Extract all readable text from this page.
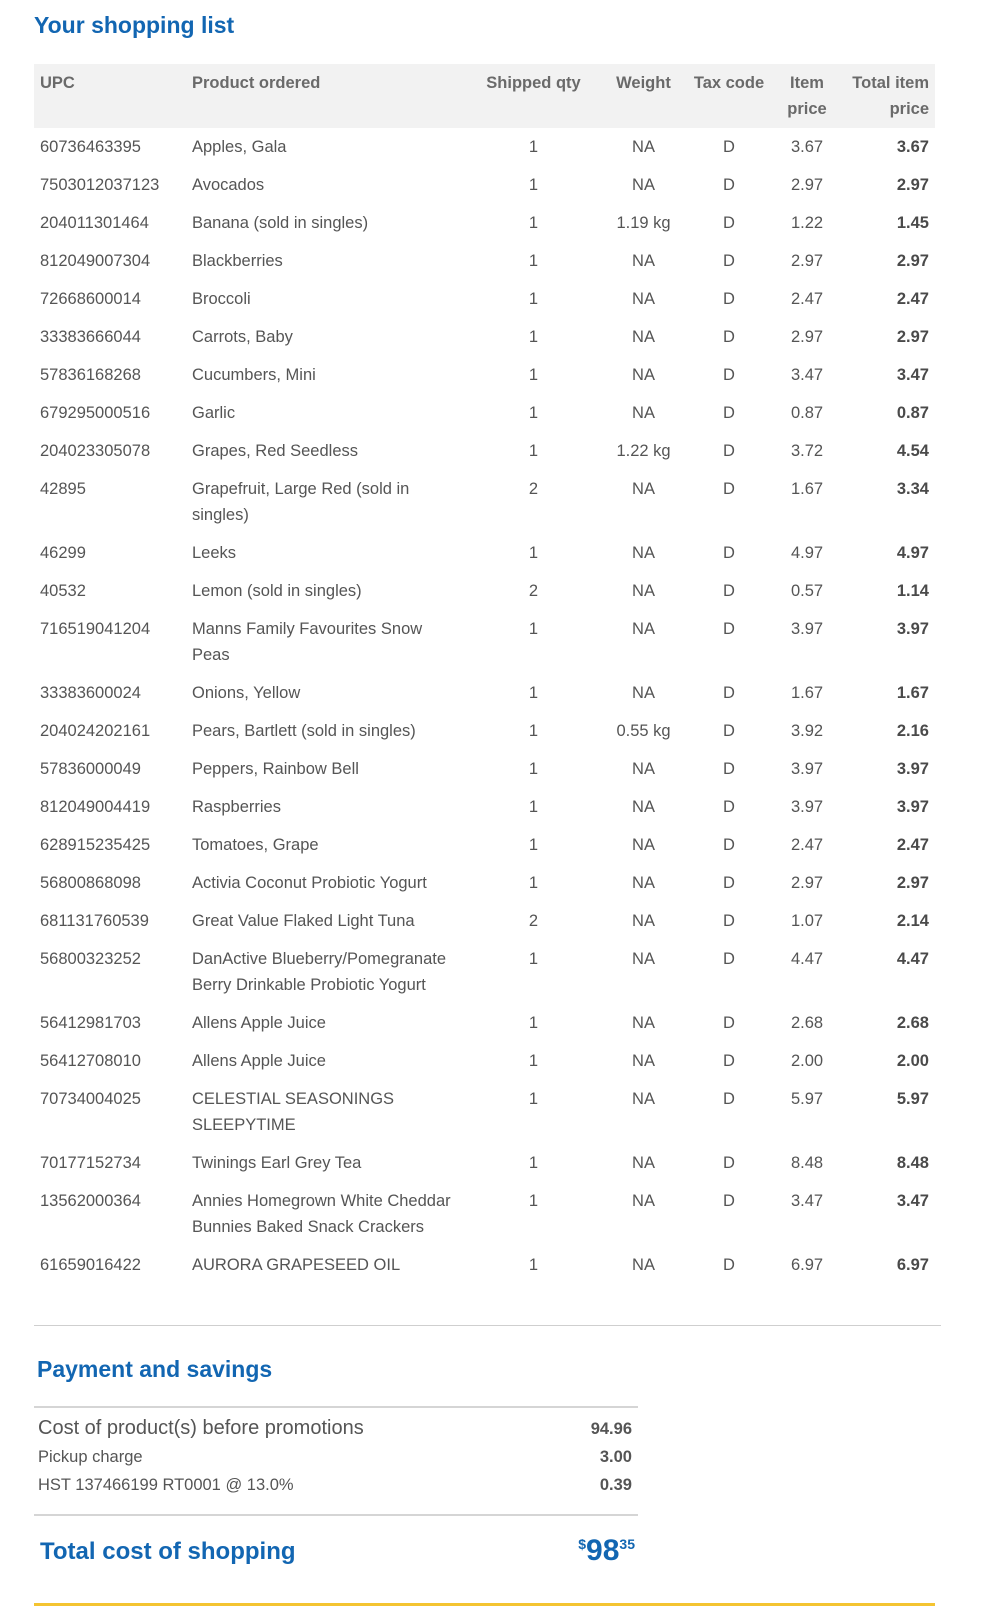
Your shopping list
UPC	Product ordered	Shipped qty	Weight	Tax code	Item price	Total item price
60736463395	Apples, Gala	1	NA	D	3.67	3.67
7503012037123	Avocados	1	NA	D	2.97	2.97
204011301464	Banana (sold in singles)	1	1.19 kg	D	1.22	1.45
812049007304	Blackberries	1	NA	D	2.97	2.97
72668600014	Broccoli	1	NA	D	2.47	2.47
33383666044	Carrots, Baby	1	NA	D	2.97	2.97
57836168268	Cucumbers, Mini	1	NA	D	3.47	3.47
679295000516	Garlic	1	NA	D	0.87	0.87
204023305078	Grapes, Red Seedless	1	1.22 kg	D	3.72	4.54
42895	Grapefruit, Large Red (sold in singles)	2	NA	D	1.67	3.34
46299	Leeks	1	NA	D	4.97	4.97
40532	Lemon (sold in singles)	2	NA	D	0.57	1.14
716519041204	Manns Family Favourites Snow Peas	1	NA	D	3.97	3.97
33383600024	Onions, Yellow	1	NA	D	1.67	1.67
204024202161	Pears, Bartlett (sold in singles)	1	0.55 kg	D	3.92	2.16
57836000049	Peppers, Rainbow Bell	1	NA	D	3.97	3.97
812049004419	Raspberries	1	NA	D	3.97	3.97
628915235425	Tomatoes, Grape	1	NA	D	2.47	2.47
56800868098	Activia Coconut Probiotic Yogurt	1	NA	D	2.97	2.97
681131760539	Great Value Flaked Light Tuna	2	NA	D	1.07	2.14
56800323252	DanActive Blueberry/Pomegranate Berry Drinkable Probiotic Yogurt	1	NA	D	4.47	4.47
56412981703	Allens Apple Juice	1	NA	D	2.68	2.68
56412708010	Allens Apple Juice	1	NA	D	2.00	2.00
70734004025	CELESTIAL SEASONINGS SLEEPYTIME	1	NA	D	5.97	5.97
70177152734	Twinings Earl Grey Tea	1	NA	D	8.48	8.48
13562000364	Annies Homegrown White Cheddar Bunnies Baked Snack Crackers	1	NA	D	3.47	3.47
61659016422	AURORA GRAPESEED OIL	1	NA	D	6.97	6.97
Payment and savings
Cost of product(s) before promotions	94.96
Pickup charge	3.00
HST 137466199 RT0001 @ 13.0%	0.39
Total cost of shopping	$9835
